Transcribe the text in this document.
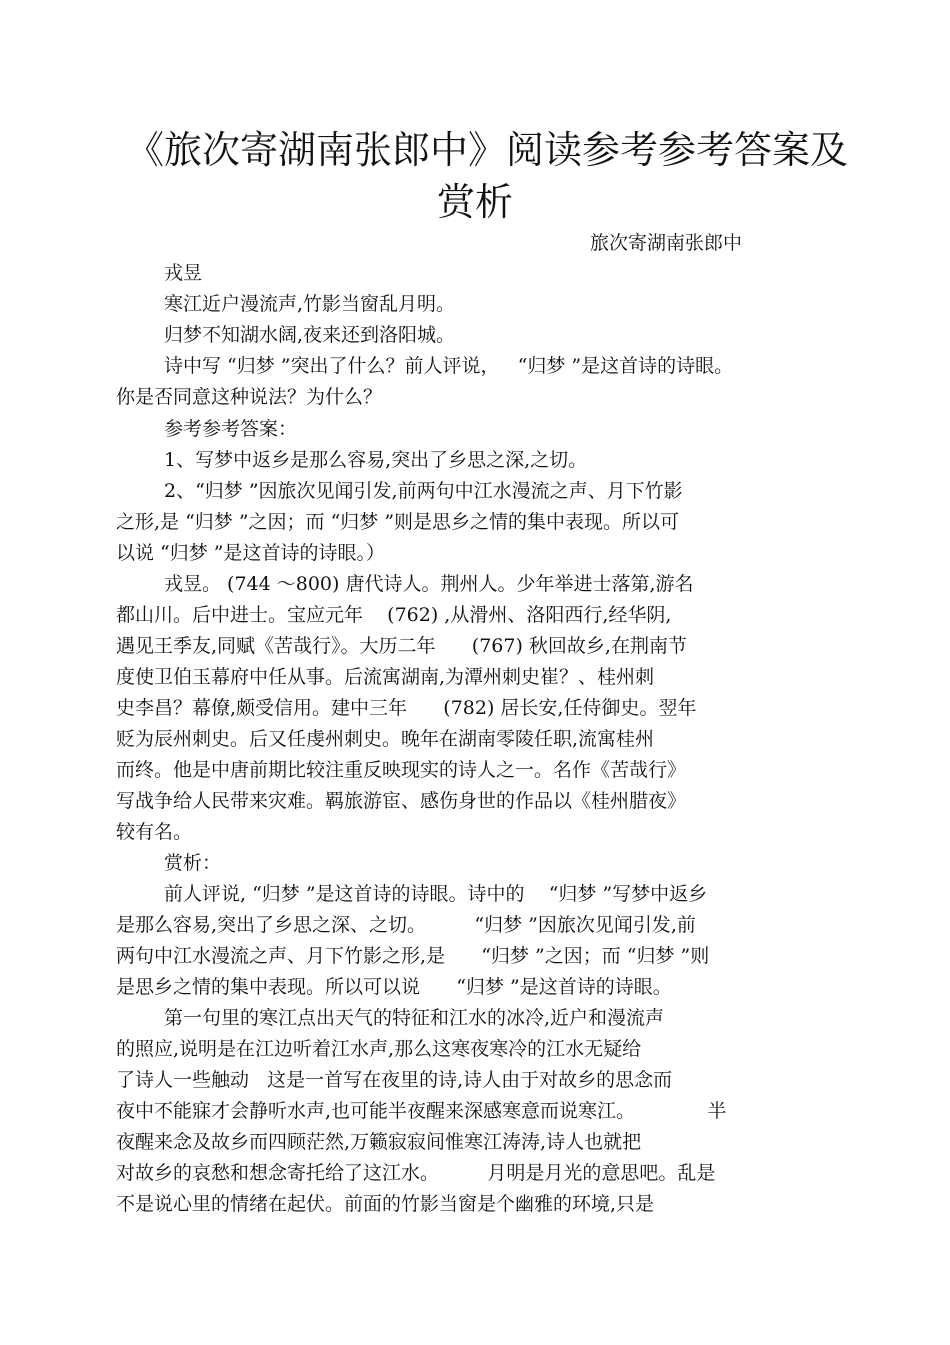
《旅次寄湖南张郎中》阅读参考参考答案及
赏析
旅次寄湖南张郎中
戎昱
寒江近户漫流声,竹影当窗乱月明。
归梦不知湖水阔,夜来还到洛阳城。
诗中写 “归梦 ”突出了什么？前人评说，   “归梦 ”是这首诗的诗眼。
你是否同意这种说法？为什么？
参考参考答案：
1、写梦中返乡是那么容易,突出了乡思之深,之切。
2、“归梦 ”因旅次见闻引发,前两句中江水漫流之声、月下竹影
之形,是 “归梦 ”之因；而 “归梦 ”则是思乡之情的集中表现。所以可
以说 “归梦 ”是这首诗的诗眼。）
戎昱。 (744 ～800) 唐代诗人。荆州人。少年举进士落第,游名
都山川。后中进士。宝应元年    (762) ,从滑州、洛阳西行,经华阴,
遇见王季友,同赋《苦哉行》。大历二年      (767) 秋回故乡,在荆南节
度使卫伯玉幕府中任从事。后流寓湖南,为潭州刺史崔？、桂州刺
史李昌？幕僚,颇受信用。建中三年      (782) 居长安,任侍御史。翌年
贬为辰州刺史。后又任虔州刺史。晚年在湖南零陵任职,流寓桂州
而终。他是中唐前期比较注重反映现实的诗人之一。名作《苦哉行》
写战争给人民带来灾难。羁旅游宦、感伤身世的作品以《桂州腊夜》
较有名。
赏析：
前人评说, “归梦 ”是这首诗的诗眼。诗中的    “归梦 ”写梦中返乡
是那么容易,突出了乡思之深、之切。        “归梦 ”因旅次见闻引发,前
两句中江水漫流之声、月下竹影之形,是      “归梦 ”之因；而 “归梦 ”则
是思乡之情的集中表现。所以可以说      “归梦 ”是这首诗的诗眼。
第一句里的寒江点出天气的特征和江水的冰冷,近户和漫流声
的照应,说明是在江边听着江水声,那么这寒夜寒冷的江水无疑给
了诗人一些触动   这是一首写在夜里的诗,诗人由于对故乡的思念而
夜中不能寐才会静听水声,也可能半夜醒来深感寒意而说寒江。            半
夜醒来念及故乡而四顾茫然,万籁寂寂间惟寒江涛涛,诗人也就把
对故乡的哀愁和想念寄托给了这江水。        月明是月光的意思吧。乱是
不是说心里的情绪在起伏。前面的竹影当窗是个幽雅的环境,只是
